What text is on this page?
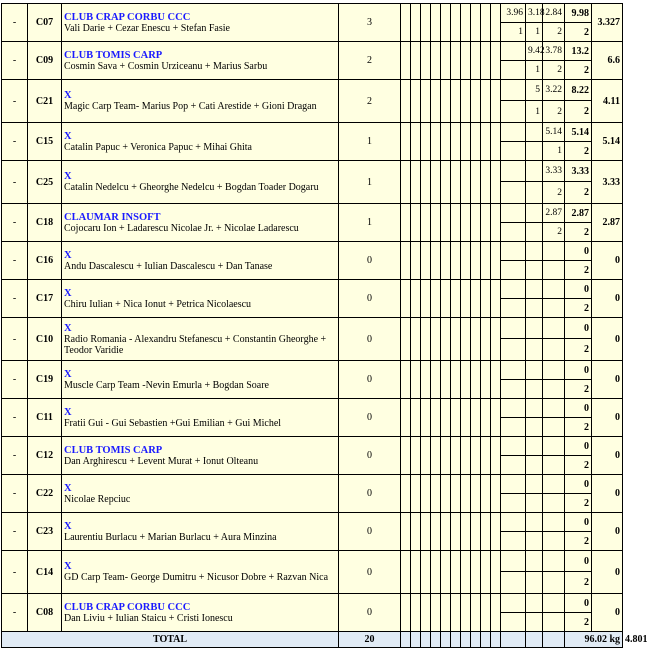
-	C07	CLUB CRAP CORBU CCC
Vali Darie + Cezar Enescu + Stefan Fasie	3											3.96	3.18	2.84	9.98	3.327	
														1	1	2	2		
-	C09	CLUB TOMIS CARP
Cosmin Sava + Cosmin Urziceanu + Marius Sarbu	2												9.42	3.78	13.2	6.6	
															1	2	2		
-	C21	X
Magic Carp Team- Marius Pop + Cati Arestide + Gioni Dragan	2												5	3.22	8.22	4.11	
															1	2	2		
-	C15	X
Catalin Papuc + Veronica Papuc + Mihai Ghita	1													5.14	5.14	5.14	
																1	2		
-	C25	X
Catalin Nedelcu + Gheorghe Nedelcu + Bogdan Toader Dogaru	1													3.33	3.33	3.33	
																2	2		
-	C18	CLAUMAR INSOFT
Cojocaru Ion + Ladarescu Nicolae Jr. + Nicolae Ladarescu	1													2.87	2.87	2.87	
																2	2		
-	C16	X
Andu Dascalescu + Iulian Dascalescu + Dan Tanase	0														0	0	
																	2		
-	C17	X
Chiru Iulian + Nica Ionut + Petrica Nicolaescu	0														0	0	
																	2		
-	C10	X
Radio Romania - Alexandru Stefanescu + Constantin Gheorghe + Teodor Varidie	0														0	0	
																	2		
-	C19	X
Muscle Carp Team -Nevin Emurla + Bogdan Soare	0														0	0	
																	2		
-	C11	X
Fratii Gui - Gui Sebastien +Gui Emilian + Gui Michel	0														0	0	
																	2		
-	C12	CLUB TOMIS CARP
Dan Arghirescu + Levent Murat + Ionut Olteanu	0														0	0	
																	2		
-	C22	X
Nicolae Repciuc	0														0	0	
																	2		
-	C23	X
Laurentiu Burlacu + Marian Burlacu + Aura Minzina	0														0	0	
																	2		
-	C14	X
GD Carp Team- George Dumitru + Nicusor Dobre + Razvan Nica	0														0	0	
																	2		
-	C08	CLUB CRAP CORBU CCC
Dan Liviu + Iulian Staicu + Cristi Ionescu	0														0	0	
																	2		
TOTAL			20														96.02 kg		4.801
